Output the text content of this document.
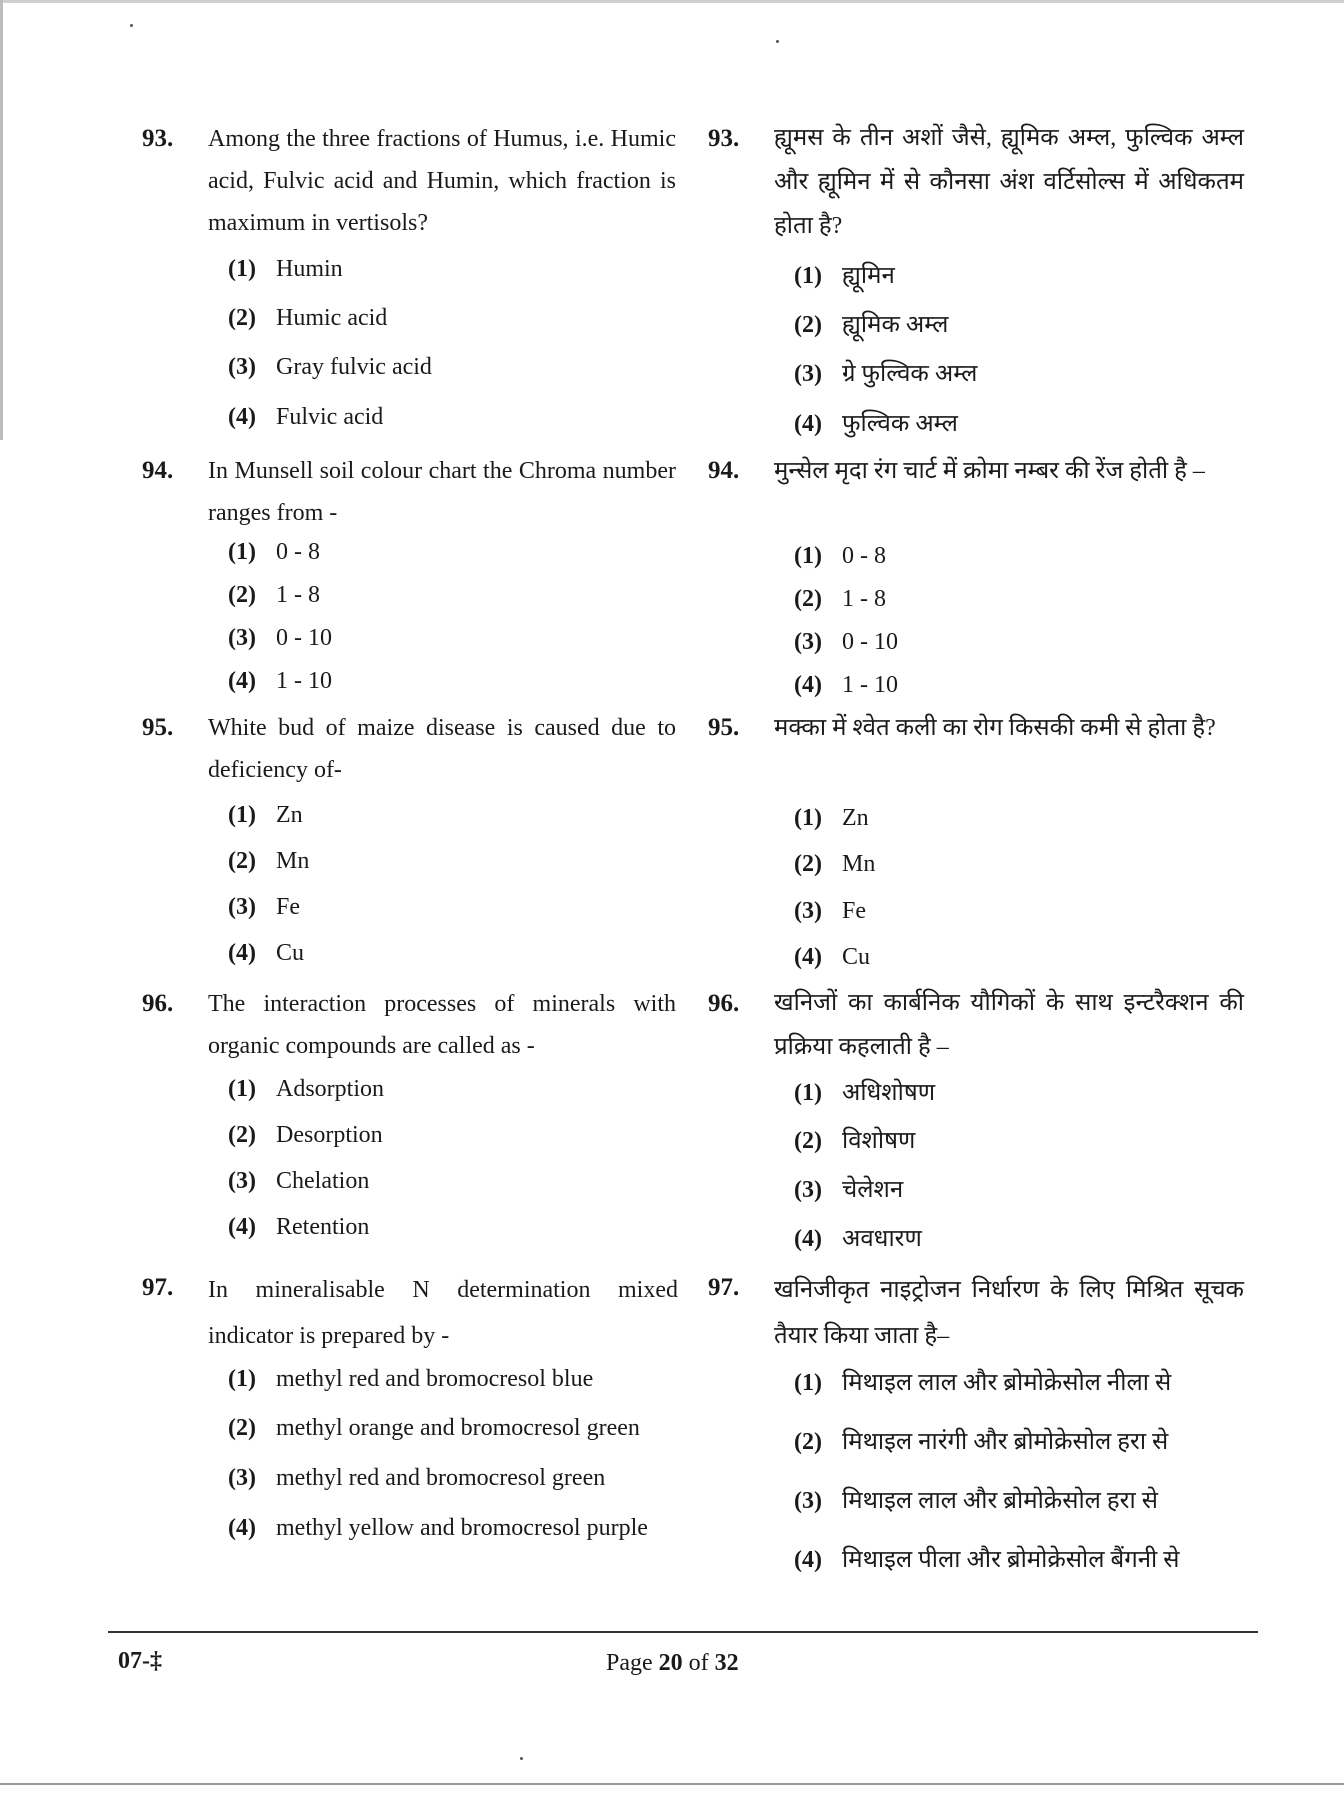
93. Among the three fractions of Humus, i.e. Humic acid, Fulvic acid and Humin, which fraction is maximum in vertisols?
(1) Humin
(2) Humic acid
(3) Gray fulvic acid
(4) Fulvic acid
94. In Munsell soil colour chart the Chroma number ranges from -
(1) 0 - 8
(2) 1 - 8
(3) 0 - 10
(4) 1 - 10
95. White bud of maize disease is caused due to deficiency of-
(1) Zn
(2) Mn
(3) Fe
(4) Cu
96. The interaction processes of minerals with organic compounds are called as -
(1) Adsorption
(2) Desorption
(3) Chelation
(4) Retention
97. In mineralisable N determination mixed indicator is prepared by -
(1) methyl red and bromocresol blue
(2) methyl orange and bromocresol green
(3) methyl red and bromocresol green
(4) methyl yellow and bromocresol purple
93. ह्यूमस के तीन अशों जैसे, ह्यूमिक अम्ल, फुल्विक अम्ल और ह्यूमिन में से कौनसा अंश वर्टिसोल्स में अधिकतम होता है?
(1) ह्यूमिन
(2) ह्यूमिक अम्ल
(3) ग्रे फुल्विक अम्ल
(4) फुल्विक अम्ल
94. मुन्सेल मृदा रंग चार्ट में क्रोमा नम्बर की रेंज होती है –
(1) 0 - 8
(2) 1 - 8
(3) 0 - 10
(4) 1 - 10
95. मक्का में श्वेत कली का रोग किसकी कमी से होता है?
(1) Zn
(2) Mn
(3) Fe
(4) Cu
96. खनिजों का कार्बनिक यौगिकों के साथ इन्टरैक्शन की प्रक्रिया कहलाती है –
(1) अधिशोषण
(2) विशोषण
(3) चेलेशन
(4) अवधारण
97. खनिजीकृत नाइट्रोजन निर्धारण के लिए मिश्रित सूचक तैयार किया जाता है–
(1) मिथाइल लाल और ब्रोमोक्रेसोल नीला से
(2) मिथाइल नारंगी और ब्रोमोक्रेसोल हरा से
(3) मिथाइल लाल और ब्रोमोक्रेसोल हरा से
(4) मिथाइल पीला और ब्रोमोक्रेसोल बैंगनी से
07-‡	Page 20 of 32
